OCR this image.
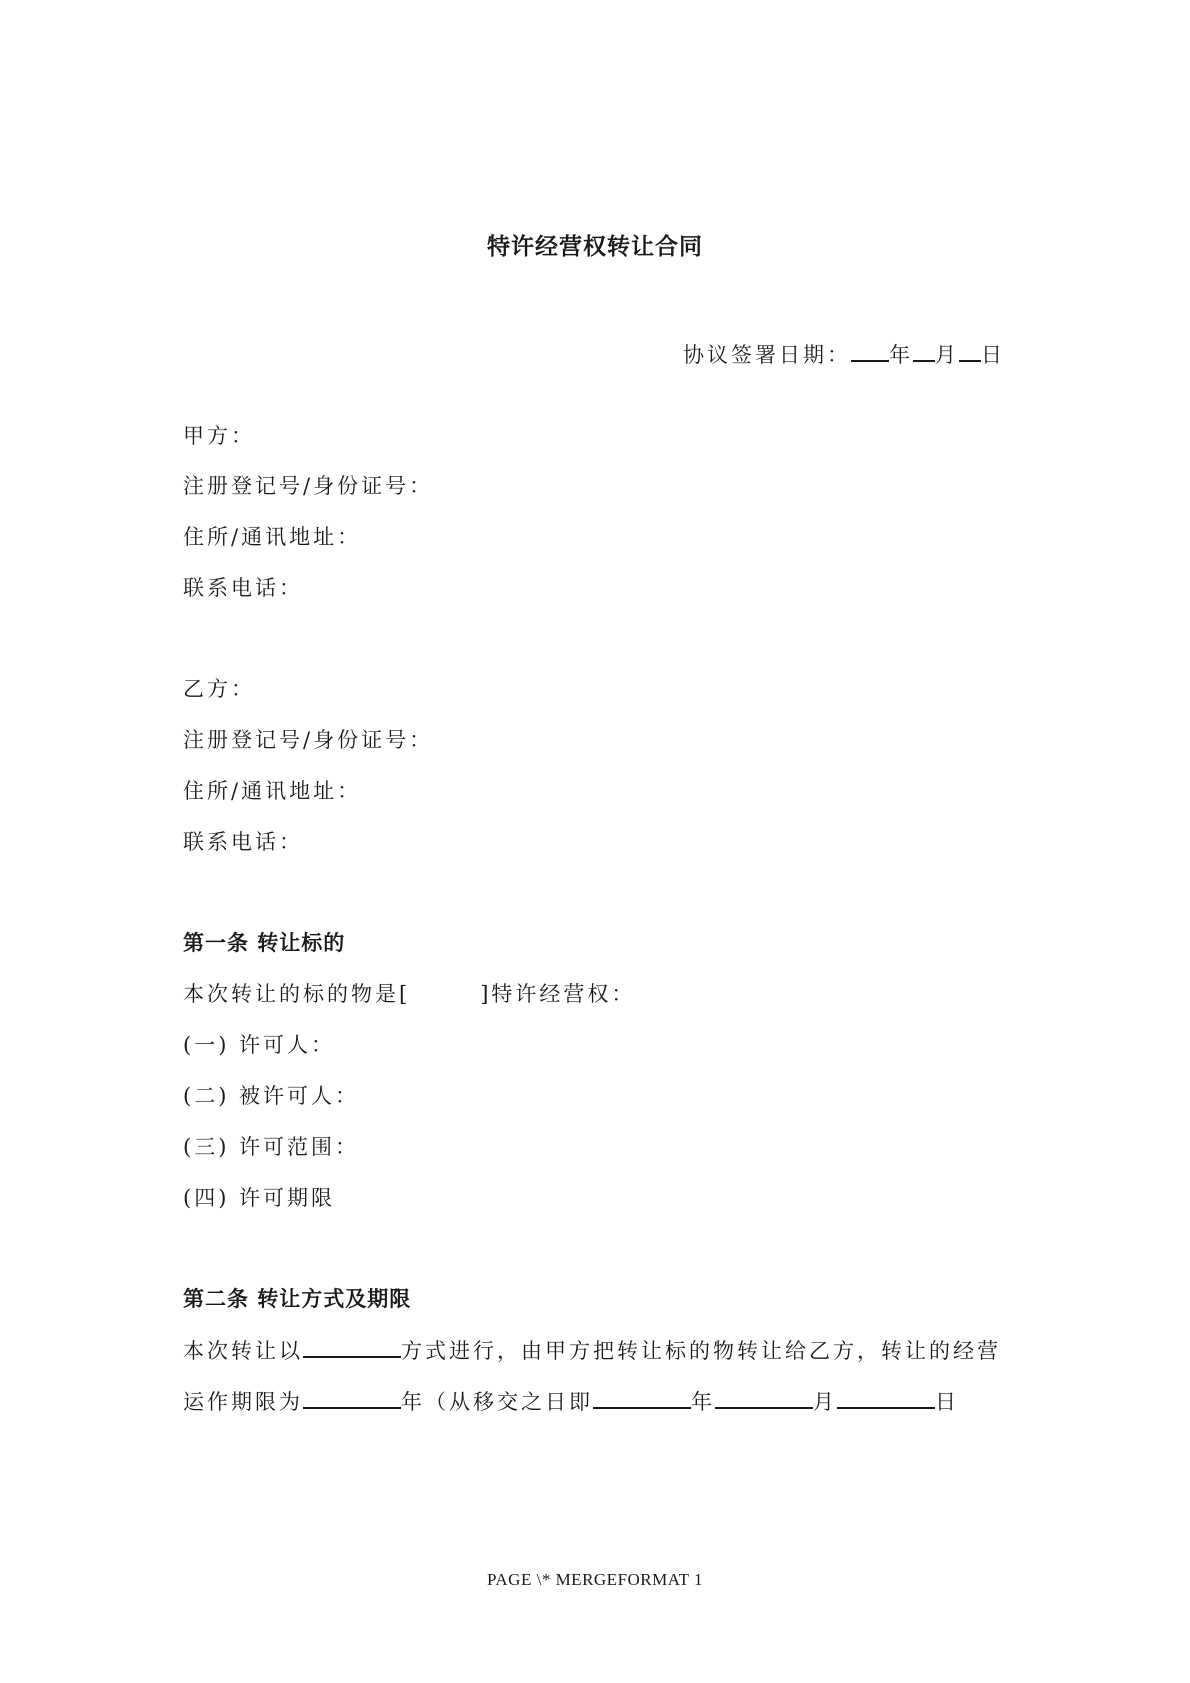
特许经营权转让合同
协议签署日期： 年 月 日
甲方：
注册登记号/身份证号：
住所/通讯地址：
联系电话：
乙方：
注册登记号/身份证号：
住所/通讯地址：
联系电话：
第一条 转让标的
本次转让的标的物是[	]特许经营权：
(一) 许可人：
(二) 被许可人：
(三) 许可范围：
(四) 许可期限
第二条 转让方式及期限
本次转让以	方式进行，由甲方把转让标的物转让给乙方，转让的经营
运作期限为	年（从移交之日即	年	月	日
PAGE \* MERGEFORMAT 1
